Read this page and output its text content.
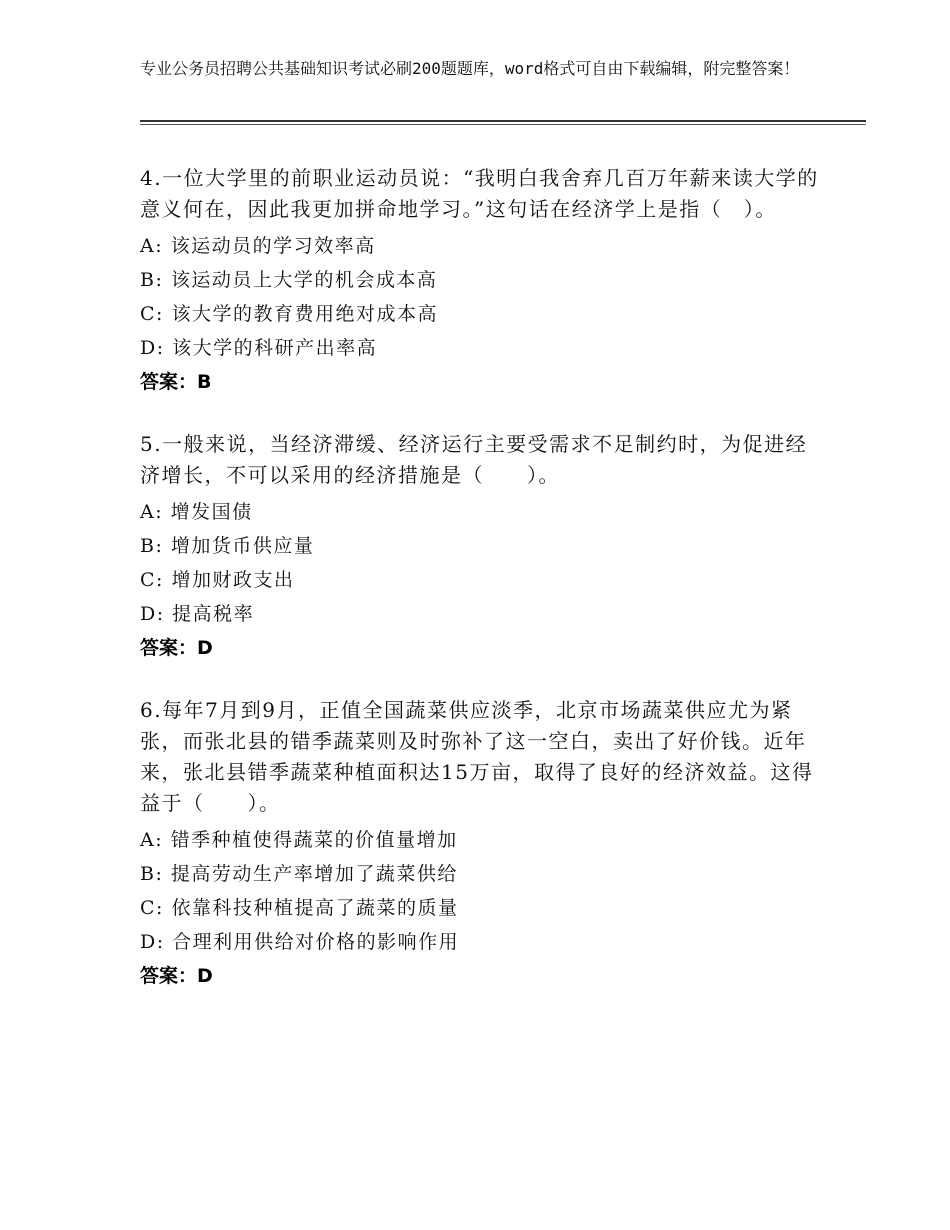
专业公务员招聘公共基础知识考试必刷200题题库，word格式可自由下载编辑，附完整答案！

4.一位大学里的前职业运动员说：“我明白我舍弃几百万年薪来读大学的意义何在，因此我更加拼命地学习。”这句话在经济学上是指（　）。

A: 该运动员的学习效率高
B: 该运动员上大学的机会成本高
C: 该大学的教育费用绝对成本高
D: 该大学的科研产出率高
答案：B

5.一般来说，当经济滞缓、经济运行主要受需求不足制约时，为促进经济增长，不可以采用的经济措施是（　　）。

A: 增发国债
B: 增加货币供应量
C: 增加财政支出
D: 提高税率
答案：D

6.每年7月到9月，正值全国蔬菜供应淡季，北京市场蔬菜供应尤为紧张，而张北县的错季蔬菜则及时弥补了这一空白，卖出了好价钱。近年来，张北县错季蔬菜种植面积达15万亩，取得了良好的经济效益。这得益于（　　）。

A: 错季种植使得蔬菜的价值量增加
B: 提高劳动生产率增加了蔬菜供给
C: 依靠科技种植提高了蔬菜的质量
D: 合理利用供给对价格的影响作用
答案：D
